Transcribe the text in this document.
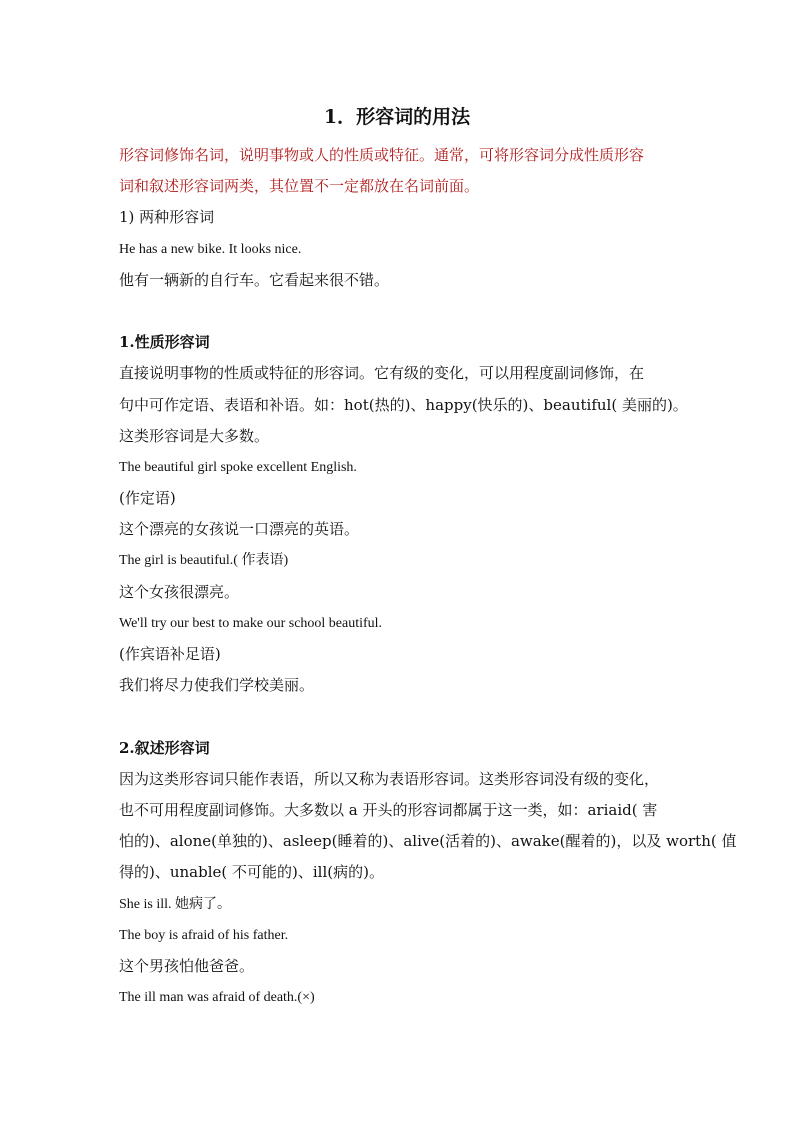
1．形容词的用法
形容词修饰名词，说明事物或人的性质或特征。通常，可将形容词分成性质形容
词和叙述形容词两类，其位置不一定都放在名词前面。
1) 两种形容词
He has a new bike. It looks nice.
他有一辆新的自行车。它看起来很不错。
1.性质形容词
直接说明事物的性质或特征的形容词。它有级的变化，可以用程度副词修饰，在
句中可作定语、表语和补语。如：hot(热的)、happy(快乐的)、beautiful( 美丽的)。
这类形容词是大多数。
The beautiful girl spoke excellent English.
(作定语)
这个漂亮的女孩说一口漂亮的英语。
The girl is beautiful.( 作表语)
这个女孩很漂亮。
We'll try our best to make our school beautiful.
(作宾语补足语)
我们将尽力使我们学校美丽。
2.叙述形容词
因为这类形容词只能作表语，所以又称为表语形容词。这类形容词没有级的变化，
也不可用程度副词修饰。大多数以 a 开头的形容词都属于这一类，如：ariaid( 害
怕的)、alone(单独的)、asleep(睡着的)、alive(活着的)、awake(醒着的)，以及 worth( 值
得的)、unable( 不可能的)、ill(病的)。
She is ill. 她病了。
The boy is afraid of his father.
这个男孩怕他爸爸。
The ill man was afraid of death.(×)
